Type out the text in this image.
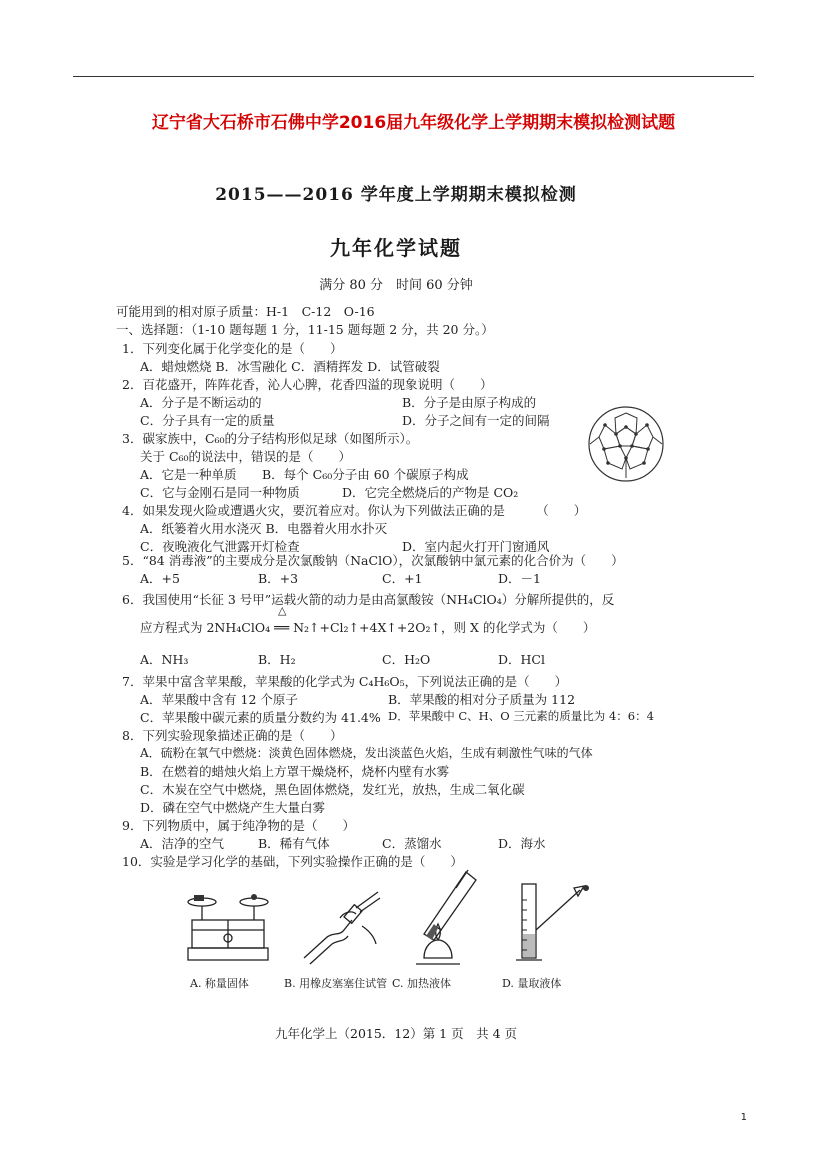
辽宁省大石桥市石佛中学2016届九年级化学上学期期末模拟检测试题
2015——2016 学年度上学期期末模拟检测
九年化学试题
满分 80 分　时间 60 分钟
可能用到的相对原子质量：H-1　C-12　O-16
一、选择题：（1-10 题每题 1 分，11-15 题每题 2 分，共 20 分。）
1．下列变化属于化学变化的是（　　）
A．蜡烛燃烧 B．冰雪融化 C．酒精挥发 D．试管破裂
2．百花盛开，阵阵花香，沁人心脾，花香四溢的现象说明（　　）
A．分子是不断运动的	B．分子是由原子构成的
C．分子具有一定的质量	D．分子之间有一定的间隔
3．碳家族中，C₆₀的分子结构形似足球（如图所示）。
关于 C₆₀的说法中，错误的是（　　）
A．它是一种单质 B．每个 C₆₀分子由 60 个碳原子构成
C．它与金刚石是同一种物质	D．它完全燃烧后的产物是 CO₂
4．如果发现火险或遭遇火灾，要沉着应对。你认为下列做法正确的是　　　（　　）
A．纸篓着火用水浇灭 B．电器着火用水扑灭
C．夜晚液化气泄露开灯检查	D．室内起火打开门窗通风
5．“84 消毒液”的主要成分是次氯酸钠（NaClO），次氯酸钠中氯元素的化合价为（　　）
A．+5	B．+3	C．+1	D．－1
6．我国使用“长征 3 号甲”运载火箭的动力是由高氯酸铵（NH₄ClO₄）分解所提供的，反
△
应方程式为 2NH₄ClO₄ ══ N₂↑+Cl₂↑+4X↑+2O₂↑，则 X 的化学式为（　　）
A．NH₃	B．H₂	C．H₂O	D．HCl
7．苹果中富含苹果酸，苹果酸的化学式为 C₄H₆O₅，下列说法正确的是（　　）
A．苹果酸中含有 12 个原子	B．苹果酸的相对分子质量为 112
C．苹果酸中碳元素的质量分数约为 41.4% D．苹果酸中 C、H、O 三元素的质量比为 4：6：4
8．下列实验现象描述正确的是（　　）
A．硫粉在氧气中燃烧：淡黄色固体燃烧，发出淡蓝色火焰，生成有刺激性气味的气体
B．在燃着的蜡烛火焰上方罩干燥烧杯，烧杯内壁有水雾
C．木炭在空气中燃烧，黑色固体燃烧，发红光，放热，生成二氧化碳
D．磷在空气中燃烧产生大量白雾
9．下列物质中，属于纯净物的是（　　）
A．洁净的空气	B．稀有气体	C．蒸馏水	D．海水
10．实验是学习化学的基础，下列实验操作正确的是（　　）
A. 称量固体	B. 用橡皮塞塞住试管 C. 加热液体	D. 量取液体
九年化学上（2015．12）第 1 页　共 4 页
1
